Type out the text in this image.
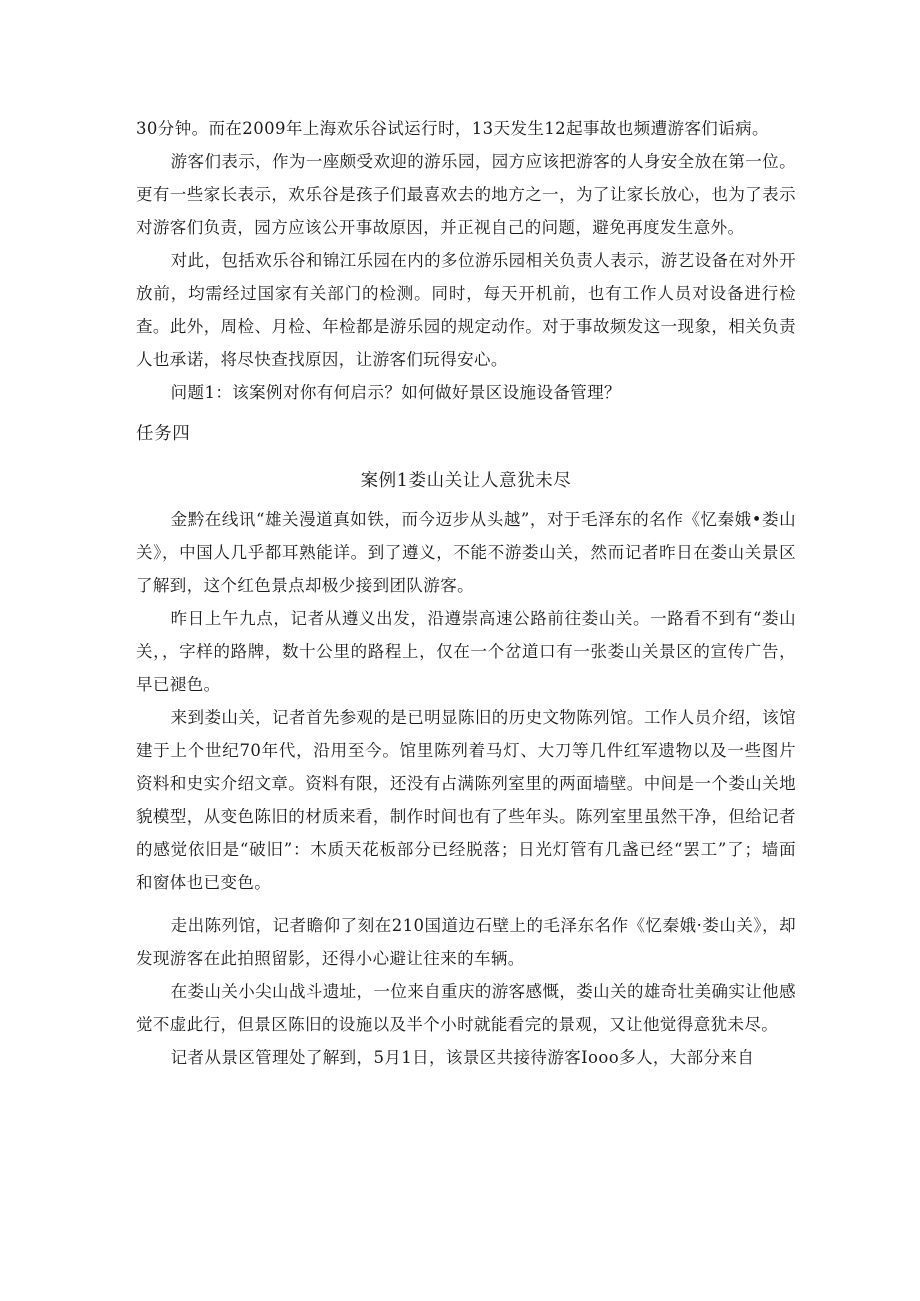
30分钟。而在2009年上海欢乐谷试运行时，13天发生12起事故也频遭游客们诟病。

游客们表示，作为一座颇受欢迎的游乐园，园方应该把游客的人身安全放在第一位。更有一些家长表示，欢乐谷是孩子们最喜欢去的地方之一，为了让家长放心，也为了表示对游客们负责，园方应该公开事故原因，并正视自己的问题，避免再度发生意外。

对此，包括欢乐谷和锦江乐园在内的多位游乐园相关负责人表示，游艺设备在对外开放前，均需经过国家有关部门的检测。同时，每天开机前，也有工作人员对设备进行检查。此外，周检、月检、年检都是游乐园的规定动作。对于事故频发这一现象，相关负责人也承诺，将尽快查找原因，让游客们玩得安心。

问题1：该案例对你有何启示？如何做好景区设施设备管理？

任务四
案例1娄山关让人意犹未尽

金黔在线讯“雄关漫道真如铁，而今迈步从头越”，对于毛泽东的名作《忆秦娥•娄山关》，中国人几乎都耳熟能详。到了遵义，不能不游娄山关，然而记者昨日在娄山关景区了解到，这个红色景点却极少接到团队游客。

昨日上午九点，记者从遵义出发，沿遵崇高速公路前往娄山关。一路看不到有“娄山关，，字样的路牌，数十公里的路程上，仅在一个岔道口有一张娄山关景区的宣传广告，早已褪色。

来到娄山关，记者首先参观的是已明显陈旧的历史文物陈列馆。工作人员介绍，该馆建于上个世纪70年代，沿用至今。馆里陈列着马灯、大刀等几件红军遗物以及一些图片资料和史实介绍文章。资料有限，还没有占满陈列室里的两面墙壁。中间是一个娄山关地貌模型，从变色陈旧的材质来看，制作时间也有了些年头。陈列室里虽然干净，但给记者的感觉依旧是“破旧”：木质天花板部分已经脱落；日光灯管有几盏已经“罢工”了；墙面和窗体也已变色。

走出陈列馆，记者瞻仰了刻在210国道边石壁上的毛泽东名作《忆秦娥·娄山关》，却发现游客在此拍照留影，还得小心避让往来的车辆。

在娄山关小尖山战斗遗址，一位来自重庆的游客感慨，娄山关的雄奇壮美确实让他感觉不虚此行，但景区陈旧的设施以及半个小时就能看完的景观，又让他觉得意犹未尽。

记者从景区管理处了解到，5月1日，该景区共接待游客Iooo多人，大部分来自
